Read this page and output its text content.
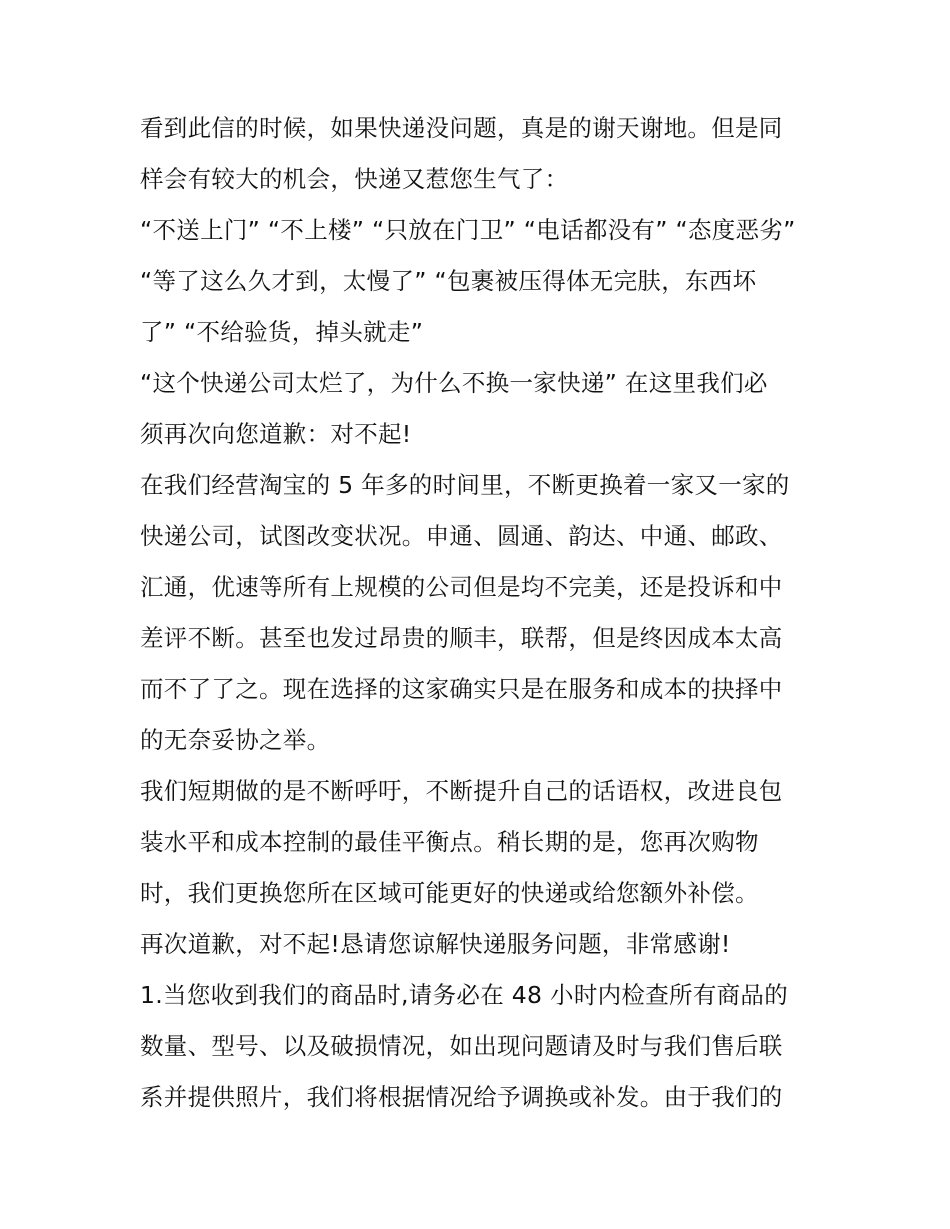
看到此信的时候，如果快递没问题，真是的谢天谢地。但是同
样会有较大的机会，快递又惹您生气了：
“不送上门” “不上楼” “只放在门卫” “电话都没有” “态度恶劣”
“等了这么久才到，太慢了” “包裹被压得体无完肤，东西坏
了” “不给验货，掉头就走”
“这个快递公司太烂了，为什么不换一家快递” 在这里我们必
须再次向您道歉：对不起!
在我们经营淘宝的 5 年多的时间里，不断更换着一家又一家的
快递公司，试图改变状况。申通、圆通、韵达、中通、邮政、
汇通，优速等所有上规模的公司但是均不完美，还是投诉和中
差评不断。甚至也发过昂贵的顺丰，联帮，但是终因成本太高
而不了了之。现在选择的这家确实只是在服务和成本的抉择中
的无奈妥协之举。
我们短期做的是不断呼吁，不断提升自己的话语权，改进良包
装水平和成本控制的最佳平衡点。稍长期的是，您再次购物
时，我们更换您所在区域可能更好的快递或给您额外补偿。
再次道歉，对不起!恳请您谅解快递服务问题，非常感谢!
1.当您收到我们的商品时,请务必在 48 小时内检查所有商品的
数量、型号、以及破损情况，如出现问题请及时与我们售后联
系并提供照片，我们将根据情况给予调换或补发。由于我们的
